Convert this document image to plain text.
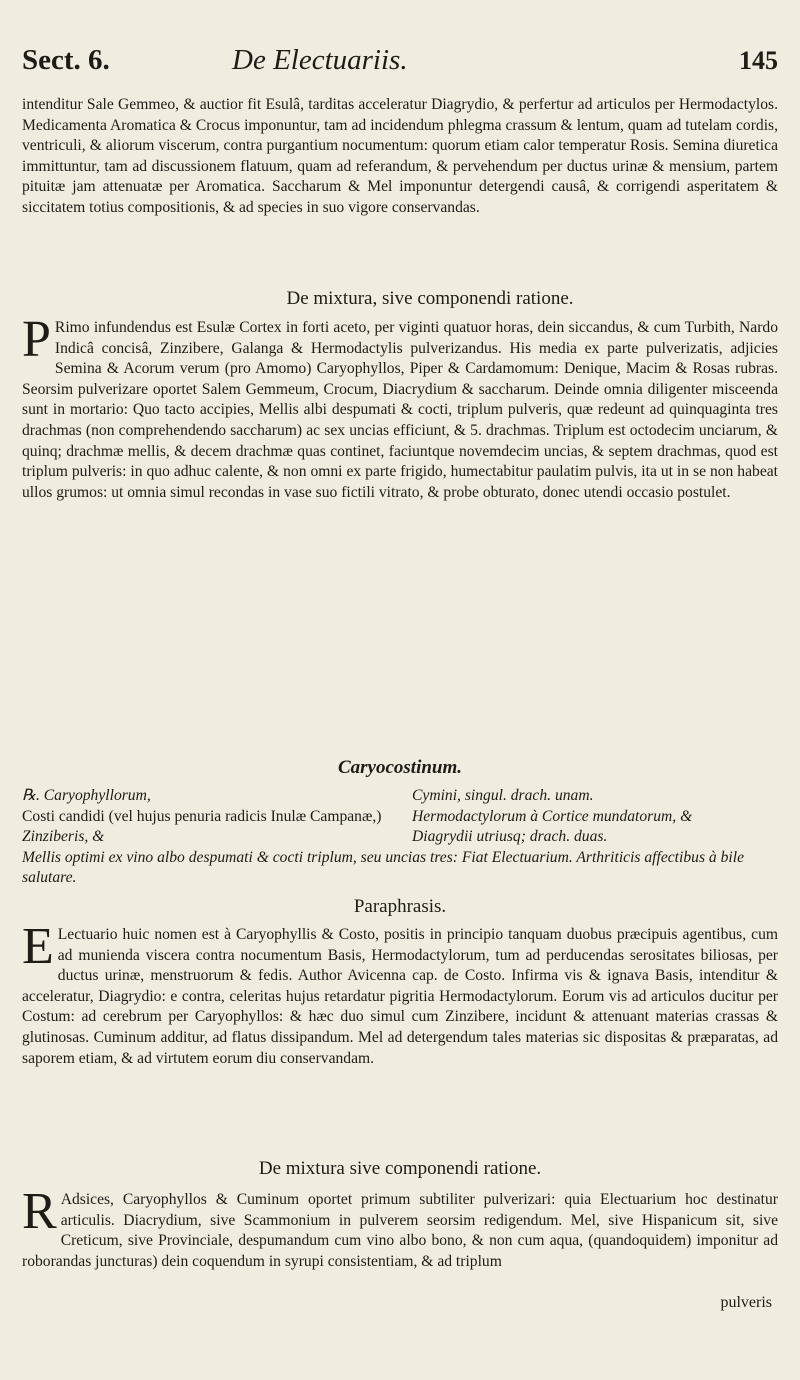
Sect. 6.	De Electuariis.	145
intenditur Sale Gemmeo, & auctior fit Esulâ, tarditas acceleratur Diagrydio, & perfertur ad articulos per Hermodactylos. Medicamenta Aromatica & Crocus imponuntur, tam ad incidendum phlegma crassum & lentum, quam ad tutelam cordis, ventriculi, & aliorum viscerum, contra purgantium nocumentum: quorum etiam calor temperatur Rosis. Semina diuretica immittuntur, tam ad discussionem flatuum, quam ad referandum, & pervehendum per ductus urinæ & mensium, partem pituitæ jam attenuatæ per Aromatica. Saccharum & Mel imponuntur detergendi causâ, & corrigendi asperitatem & siccitatem totius compositionis, & ad species in suo vigore conservandas.
De mixtura, sive componendi ratione.
P Rimo infundendus est Esulæ Cortex in forti aceto, per viginti quatuor horas, dein siccandus, & cum Turbith, Nardo Indicâ concisâ, Zinzibere, Galanga & Hermodactylis pulverizandus. His media ex parte pulverizatis, adjicies Semina & Acorum verum (pro Amomo) Caryophyllos, Piper & Cardamomum: Denique, Macim & Rosas rubras. Seorsim pulverizare oportet Salem Gemmeum, Crocum, Diacrydium & saccharum. Deinde omnia diligenter misceenda sunt in mortario: Quo tacto accipies, Mellis albi despumati & cocti, triplum pulveris, quæ redeunt ad quinquaginta tres drachmas (non comprehendendo saccharum) ac sex uncias efficiunt, & 5. drachmas. Triplum est octodecim unciarum, & quinq; drachmæ mellis, & decem drachmæ quas continet, faciuntque novemdecim uncias, & septem drachmas, quod est triplum pulveris: in quo adhuc calente, & non omni ex parte frigido, humectabitur paulatim pulvis, ita ut in se non habeat ullos grumos: ut omnia simul recondas in vase suo fictili vitrato, & probe obturato, donec utendi occasio postulet.
Caryocostinum.
℞. Caryophyllorum,	Cymini, singul. drach. unam.
Costi candidi (vel hujus penuria radicis Inulæ Campanæ,)	Hermodactylorum à Cortice mundatorum, &
Zinziberis, &	Diagrydii utriusq; drach. duas.
Mellis optimi ex vino albo despumati & cocti triplum, seu uncias tres: Fiat Electuarium. Arthriticis affectibus à bile salutare.
Paraphrasis.
E Lectuario huic nomen est à Caryophyllis & Costo, positis in principio tanquam duobus præcipuis agentibus, cum ad munienda viscera contra nocumentum Basis, Hermodactylorum, tum ad perducendas serositates biliosas, per ductus urinæ, menstruorum & fedis. Author Avicenna cap. de Costo. Infirma vis & ignava Basis, intenditur & acceleratur, Diagrydio: e contra, celeritas hujus retardatur pigritia Hermodactylorum. Eorum vis ad articulos ducitur per Costum: ad cerebrum per Caryophyllos: & hæc duo simul cum Zinzibere, incidunt & attenuant materias crassas & glutinosas. Cuminum additur, ad flatus dissipandum. Mel ad detergendum tales materias sic dispositas & præparatas, ad saporem etiam, & ad virtutem eorum diu conservandam.
De mixtura sive componendi ratione.
R Adsices, Caryophyllos & Cuminum oportet primum subtiliter pulverizari: quia Electuarium hoc destinatur articulis. Diacrydium, sive Scammonium in pulverem seorsim redigendum. Mel, sive Hispanicum sit, sive Creticum, sive Provinciale, despumandum cum vino albo bono, & non cum aqua, (quandoquidem) imponitur ad roborandas juncturas) dein coquendum in syrupi consistentiam, & ad triplum
pulveris
